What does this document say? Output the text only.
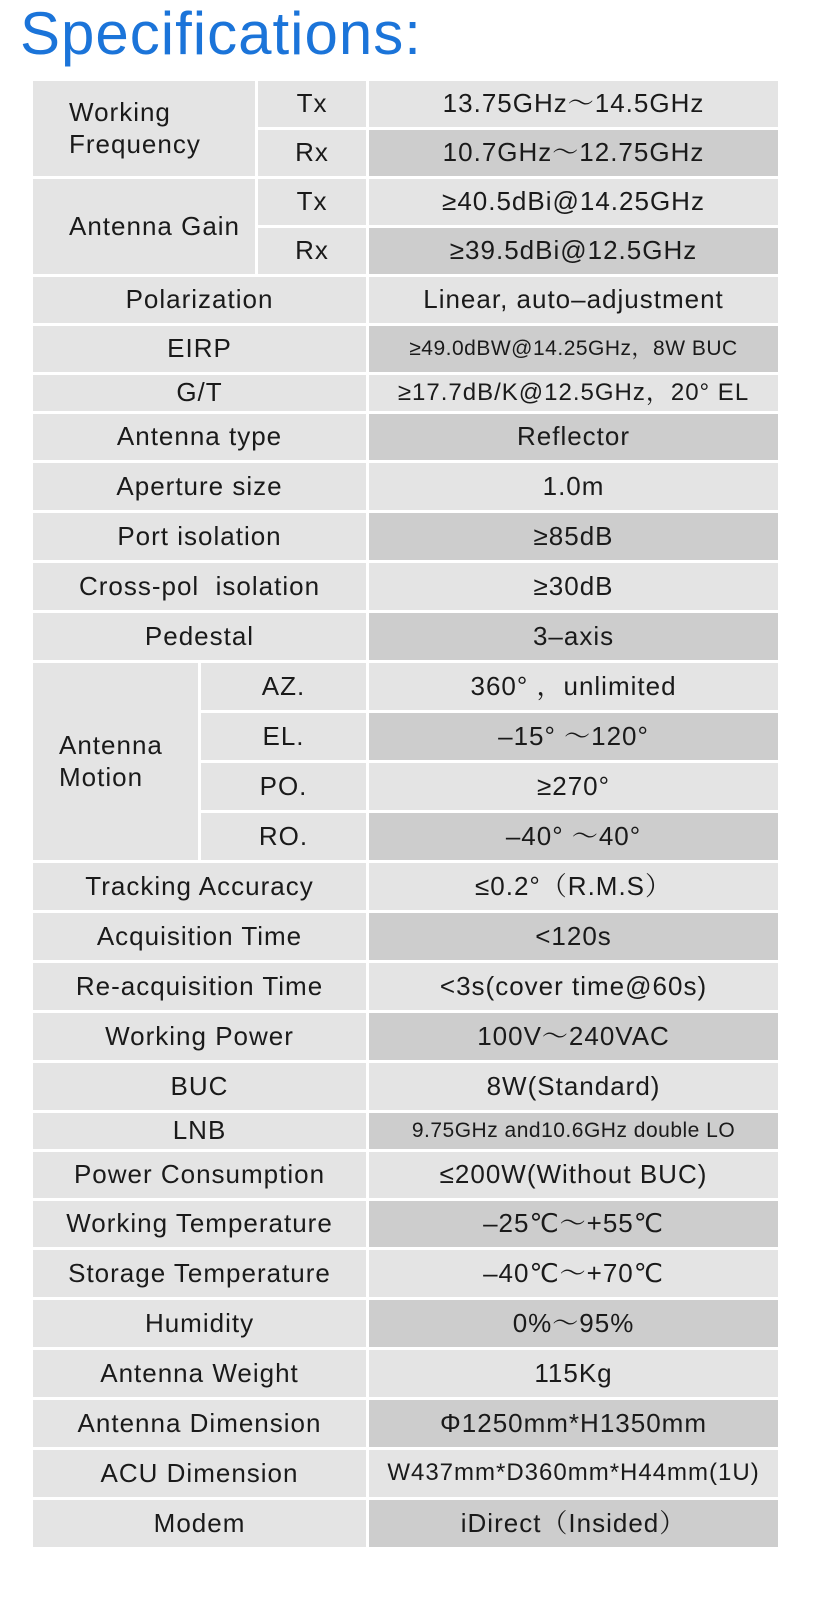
Specifications:
Working Frequency		Tx	13.75GHz～14.5GHz
		Rx	10.7GHz～12.75GHz
Antenna Gain		Tx	≥40.5dBi@14.25GHz
		Rx	≥39.5dBi@12.5GHz
Polarization			Linear, auto–adjustment
EIRP			≥49.0dBW@14.25GHz，8W BUC
G/T			≥17.7dB/K@12.5GHz，20° EL
Antenna type			Reflector
Aperture size			1.0m
Port isolation			≥85dB
Cross-pol  isolation			≥30dB
Pedestal			3–axis
Antenna Motion	AZ.		360° ，unlimited
	EL.		–15° ～120°
	PO.		≥270°
	RO.		–40° ～40°
Tracking Accuracy			≤0.2°（R.M.S）
Acquisition Time			<120s
Re-acquisition Time			<3s(cover time@60s)
Working Power			100V～240VAC
BUC			8W(Standard)
LNB			9.75GHz and10.6GHz double LO
Power Consumption			≤200W(Without BUC)
Working Temperature			–25℃～+55℃
Storage Temperature			–40℃～+70℃
Humidity			0%～95%
Antenna Weight			115Kg
Antenna Dimension			Φ1250mm*H1350mm
ACU Dimension			W437mm*D360mm*H44mm(1U)
Modem			iDirect（Insided）
